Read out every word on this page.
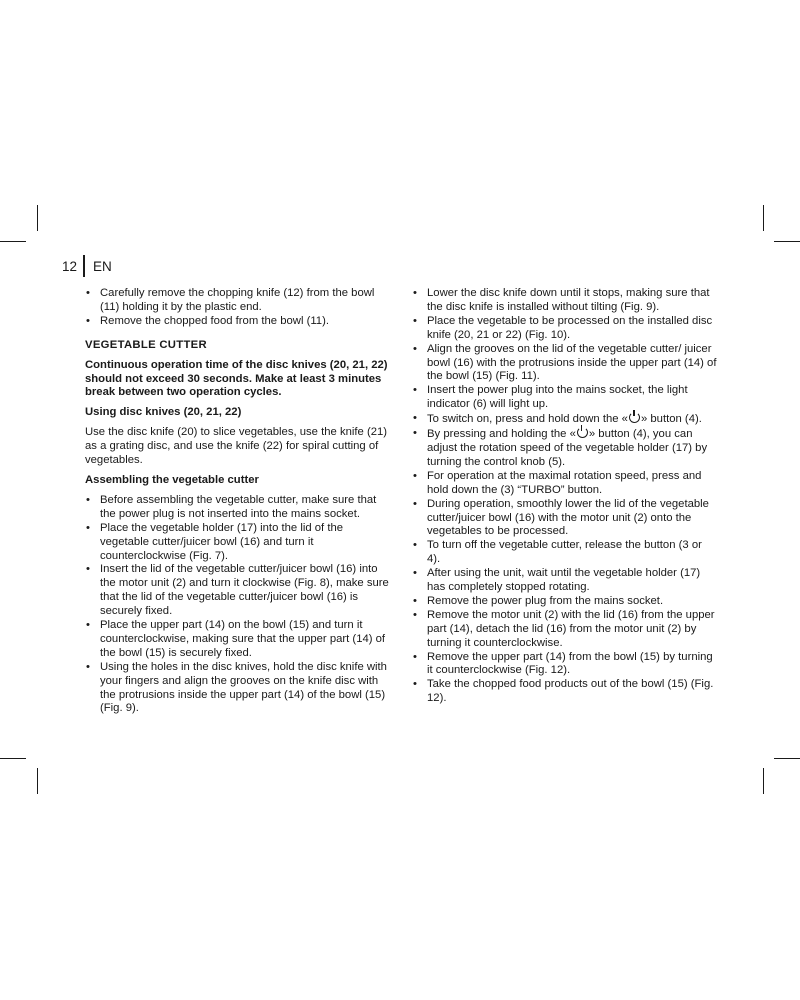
12	EN
• Carefully remove the chopping knife (12) from the bowl (11) holding it by the plastic end.
• Remove the chopped food from the bowl (11).
VEGETABLE CUTTER
Continuous operation time of the disc knives (20, 21, 22) should not exceed 30 seconds. Make at least 3 minutes break between two operation cycles.
Using disc knives (20, 21, 22)
Use the disc knife (20) to slice vegetables, use the knife (21) as a grating disc, and use the knife (22) for spiral cutting of vegetables.
Assembling the vegetable cutter
• Before assembling the vegetable cutter, make sure that the power plug is not inserted into the mains socket.
• Place the vegetable holder (17) into the lid of the vegetable cutter/juicer bowl (16) and turn it counterclockwise (Fig. 7).
• Insert the lid of the vegetable cutter/juicer bowl (16) into the motor unit (2) and turn it clockwise (Fig. 8), make sure that the lid of the vegetable cutter/juicer bowl (16) is securely fixed.
• Place the upper part (14) on the bowl (15) and turn it counterclockwise, making sure that the upper part (14) of the bowl (15) is securely fixed.
• Using the holes in the disc knives, hold the disc knife with your fingers and align the grooves on the knife disc with the protrusions inside the upper part (14) of the bowl (15) (Fig. 9).
• Lower the disc knife down until it stops, making sure that the disc knife is installed without tilting (Fig. 9).
• Place the vegetable to be processed on the installed disc knife (20, 21 or 22) (Fig. 10).
• Align the grooves on the lid of the vegetable cutter/ juicer bowl (16) with the protrusions inside the upper part (14) of the bowl (15) (Fig. 11).
• Insert the power plug into the mains socket, the light indicator (6) will light up.
• To switch on, press and hold down the « » button (4).
• By pressing and holding the « » button (4), you can adjust the rotation speed of the vegetable holder (17) by turning the control knob (5).
• For operation at the maximal rotation speed, press and hold down the (3) “TURBO” button.
• During operation, smoothly lower the lid of the vegetable cutter/juicer bowl (16) with the motor unit (2) onto the vegetables to be processed.
• To turn off the vegetable cutter, release the button (3 or 4).
• After using the unit, wait until the vegetable holder (17) has completely stopped rotating.
• Remove the power plug from the mains socket.
• Remove the motor unit (2) with the lid (16) from the upper part (14), detach the lid (16) from the motor unit (2) by turning it counterclockwise.
• Remove the upper part (14) from the bowl (15) by turning it counterclockwise (Fig. 12).
• Take the chopped food products out of the bowl (15) (Fig. 12).
